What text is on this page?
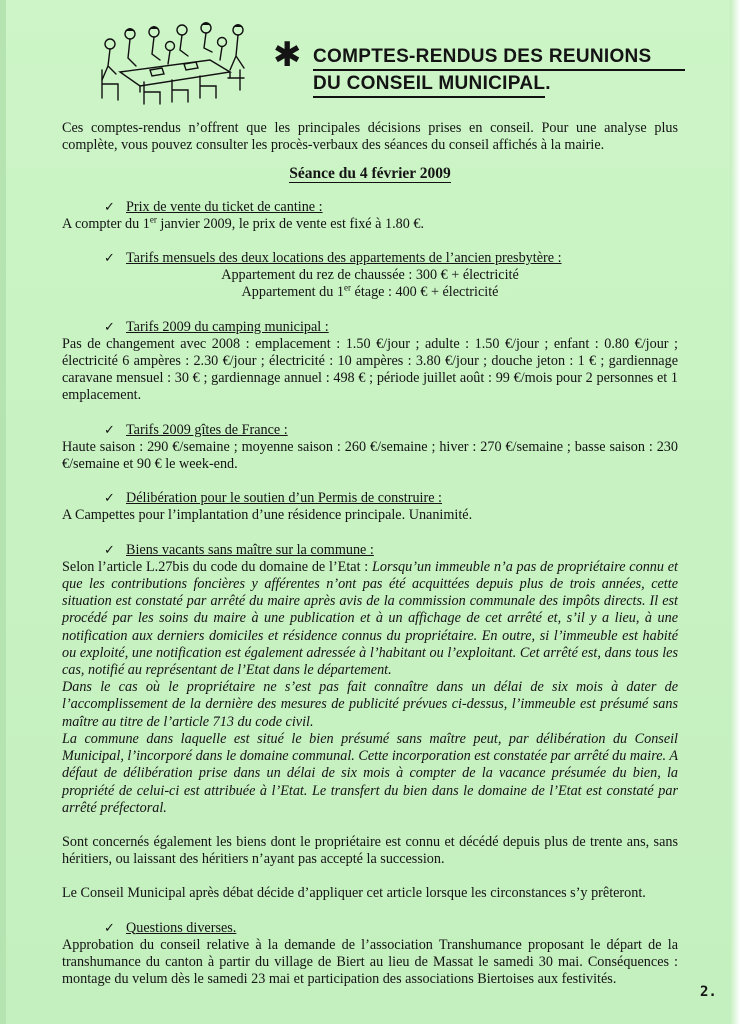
✱ COMPTES-RENDUS DES REUNIONS
DU CONSEIL MUNICIPAL.

Ces comptes-rendus n’offrent que les principales décisions prises en conseil. Pour une analyse plus complète, vous pouvez consulter les procès-verbaux des séances du conseil affichés à la mairie.

Séance du 4 février 2009

✓ Prix de vente du ticket de cantine :

A compter du 1er janvier 2009, le prix de vente est fixé à 1.80 €.

✓ Tarifs mensuels des deux locations des appartements de l’ancien presbytère :

Appartement du rez de chaussée : 300 € + électricité

Appartement du 1er étage : 400 € + électricité

✓ Tarifs 2009 du camping municipal :

Pas de changement avec 2008 : emplacement : 1.50 €/jour ; adulte : 1.50 €/jour ; enfant : 0.80 €/jour ; électricité 6 ampères : 2.30 €/jour ; électricité : 10 ampères : 3.80 €/jour ; douche jeton : 1 € ; gardiennage caravane mensuel : 30 € ; gardiennage annuel : 498 € ; période juillet août : 99 €/mois pour 2 personnes et 1 emplacement.

✓ Tarifs 2009 gîtes de France :

Haute saison : 290 €/semaine ; moyenne saison : 260 €/semaine ; hiver : 270 €/semaine ; basse saison : 230 €/semaine et 90 € le week-end.

✓ Délibération pour le soutien d’un Permis de construire :

A Campettes pour l’implantation d’une résidence principale. Unanimité.

✓ Biens vacants sans maître sur la commune :

Selon l’article L.27bis du code du domaine de l’Etat : Lorsqu’un immeuble n’a pas de propriétaire connu et que les contributions foncières y afférentes n’ont pas été acquittées depuis plus de trois années, cette situation est constaté par arrêté du maire après avis de la commission communale des impôts directs. Il est procédé par les soins du maire à une publication et à un affichage de cet arrêté et, s’il y a lieu, à une notification aux derniers domiciles et résidence connus du propriétaire. En outre, si l’immeuble est habité ou exploité, une notification est également adressée à l’habitant ou l’exploitant. Cet arrêté est, dans tous les cas, notifié au représentant de l’Etat dans le département.

Dans le cas où le propriétaire ne s’est pas fait connaître dans un délai de six mois à dater de l’accomplissement de la dernière des mesures de publicité prévues ci-dessus, l’immeuble est présumé sans maître au titre de l’article 713 du code civil.

La commune dans laquelle est situé le bien présumé sans maître peut, par délibération du Conseil Municipal, l’incorporé dans le domaine communal. Cette incorporation est constatée par arrêté du maire. A défaut de délibération prise dans un délai de six mois à compter de la vacance présumée du bien, la propriété de celui-ci est attribuée à l’Etat. Le transfert du bien dans le domaine de l’Etat est constaté par arrêté préfectoral.

Sont concernés également les biens dont le propriétaire est connu et décédé depuis plus de trente ans, sans héritiers, ou laissant des héritiers n’ayant pas accepté la succession.

Le Conseil Municipal après débat décide d’appliquer cet article lorsque les circonstances s’y prêteront.

✓ Questions diverses.

Approbation du conseil relative à la demande de l’association Transhumance proposant le départ de la transhumance du canton à partir du village de Biert au lieu de Massat le samedi 30 mai. Conséquences : montage du velum dès le samedi 23 mai et participation des associations Biertoises aux festivités.

2.
